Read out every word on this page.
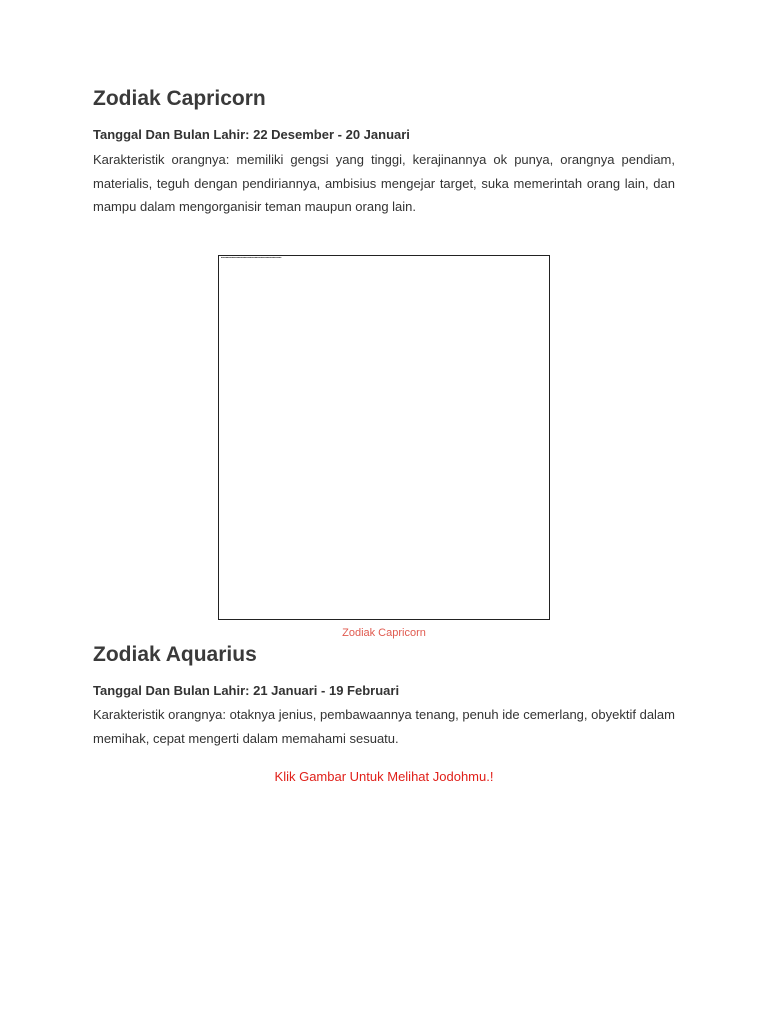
Zodiak Capricorn

Tanggal Dan Bulan Lahir: 22 Desember - 20 Januari

Karakteristik orangnya: memiliki gengsi yang tinggi, kerajinannya ok punya, orangnya pendiam, materialis, teguh dengan pendiriannya, ambisius mengejar target, suka memerintah orang lain, dan mampu dalam mengorganisir teman maupun orang lain.

■■■■■■■■■■■■■■■■■■■■■■■■■■■■■■■■■■■■■■■■■■■■■■■■■■
Zodiak Capricorn
Zodiak Aquarius

Tanggal Dan Bulan Lahir: 21 Januari - 19 Februari

Karakteristik orangnya: otaknya jenius, pembawaannya tenang, penuh ide cemerlang, obyektif dalam memihak, cepat mengerti dalam memahami sesuatu.

Klik Gambar Untuk Melihat Jodohmu.!
